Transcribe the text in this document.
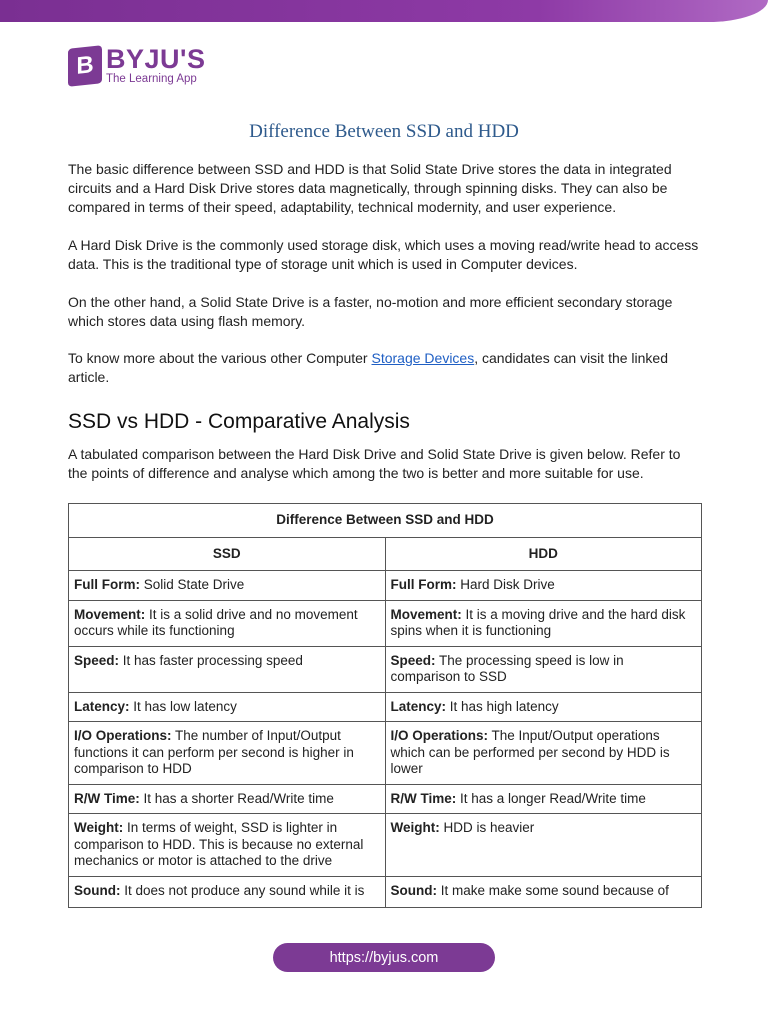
B BYJU'S
The Learning App
Difference Between SSD and HDD

The basic difference between SSD and HDD is that Solid State Drive stores the data in integrated circuits and a Hard Disk Drive stores data magnetically, through spinning disks. They can also be compared in terms of their speed, adaptability, technical modernity, and user experience.

A Hard Disk Drive is the commonly used storage disk, which uses a moving read/write head to access data. This is the traditional type of storage unit which is used in Computer devices.

On the other hand, a Solid State Drive is a faster, no-motion and more efficient secondary storage which stores data using flash memory.

To know more about the various other Computer Storage Devices, candidates can visit the linked article.

SSD vs HDD - Comparative Analysis

A tabulated comparison between the Hard Disk Drive and Solid State Drive is given below. Refer to the points of difference and analyse which among the two is better and more suitable for use.

Difference Between SSD and HDD	
SSD	HDD
Full Form: Solid State Drive	Full Form: Hard Disk Drive
Movement: It is a solid drive and no movement occurs while its functioning	Movement: It is a moving drive and the hard disk spins when it is functioning
Speed: It has faster processing speed	Speed: The processing speed is low in comparison to SSD
Latency: It has low latency	Latency: It has high latency
I/O Operations: The number of Input/Output functions it can perform per second is higher in comparison to HDD	I/O Operations: The Input/Output operations which can be performed per second by HDD is lower
R/W Time: It has a shorter Read/Write time	R/W Time: It has a longer Read/Write time
Weight: In terms of weight, SSD is lighter in comparison to HDD. This is because no external mechanics or motor is attached to the drive	Weight: HDD is heavier
Sound: It does not produce any sound while it is	Sound: It make make some sound because of
https://byjus.com
